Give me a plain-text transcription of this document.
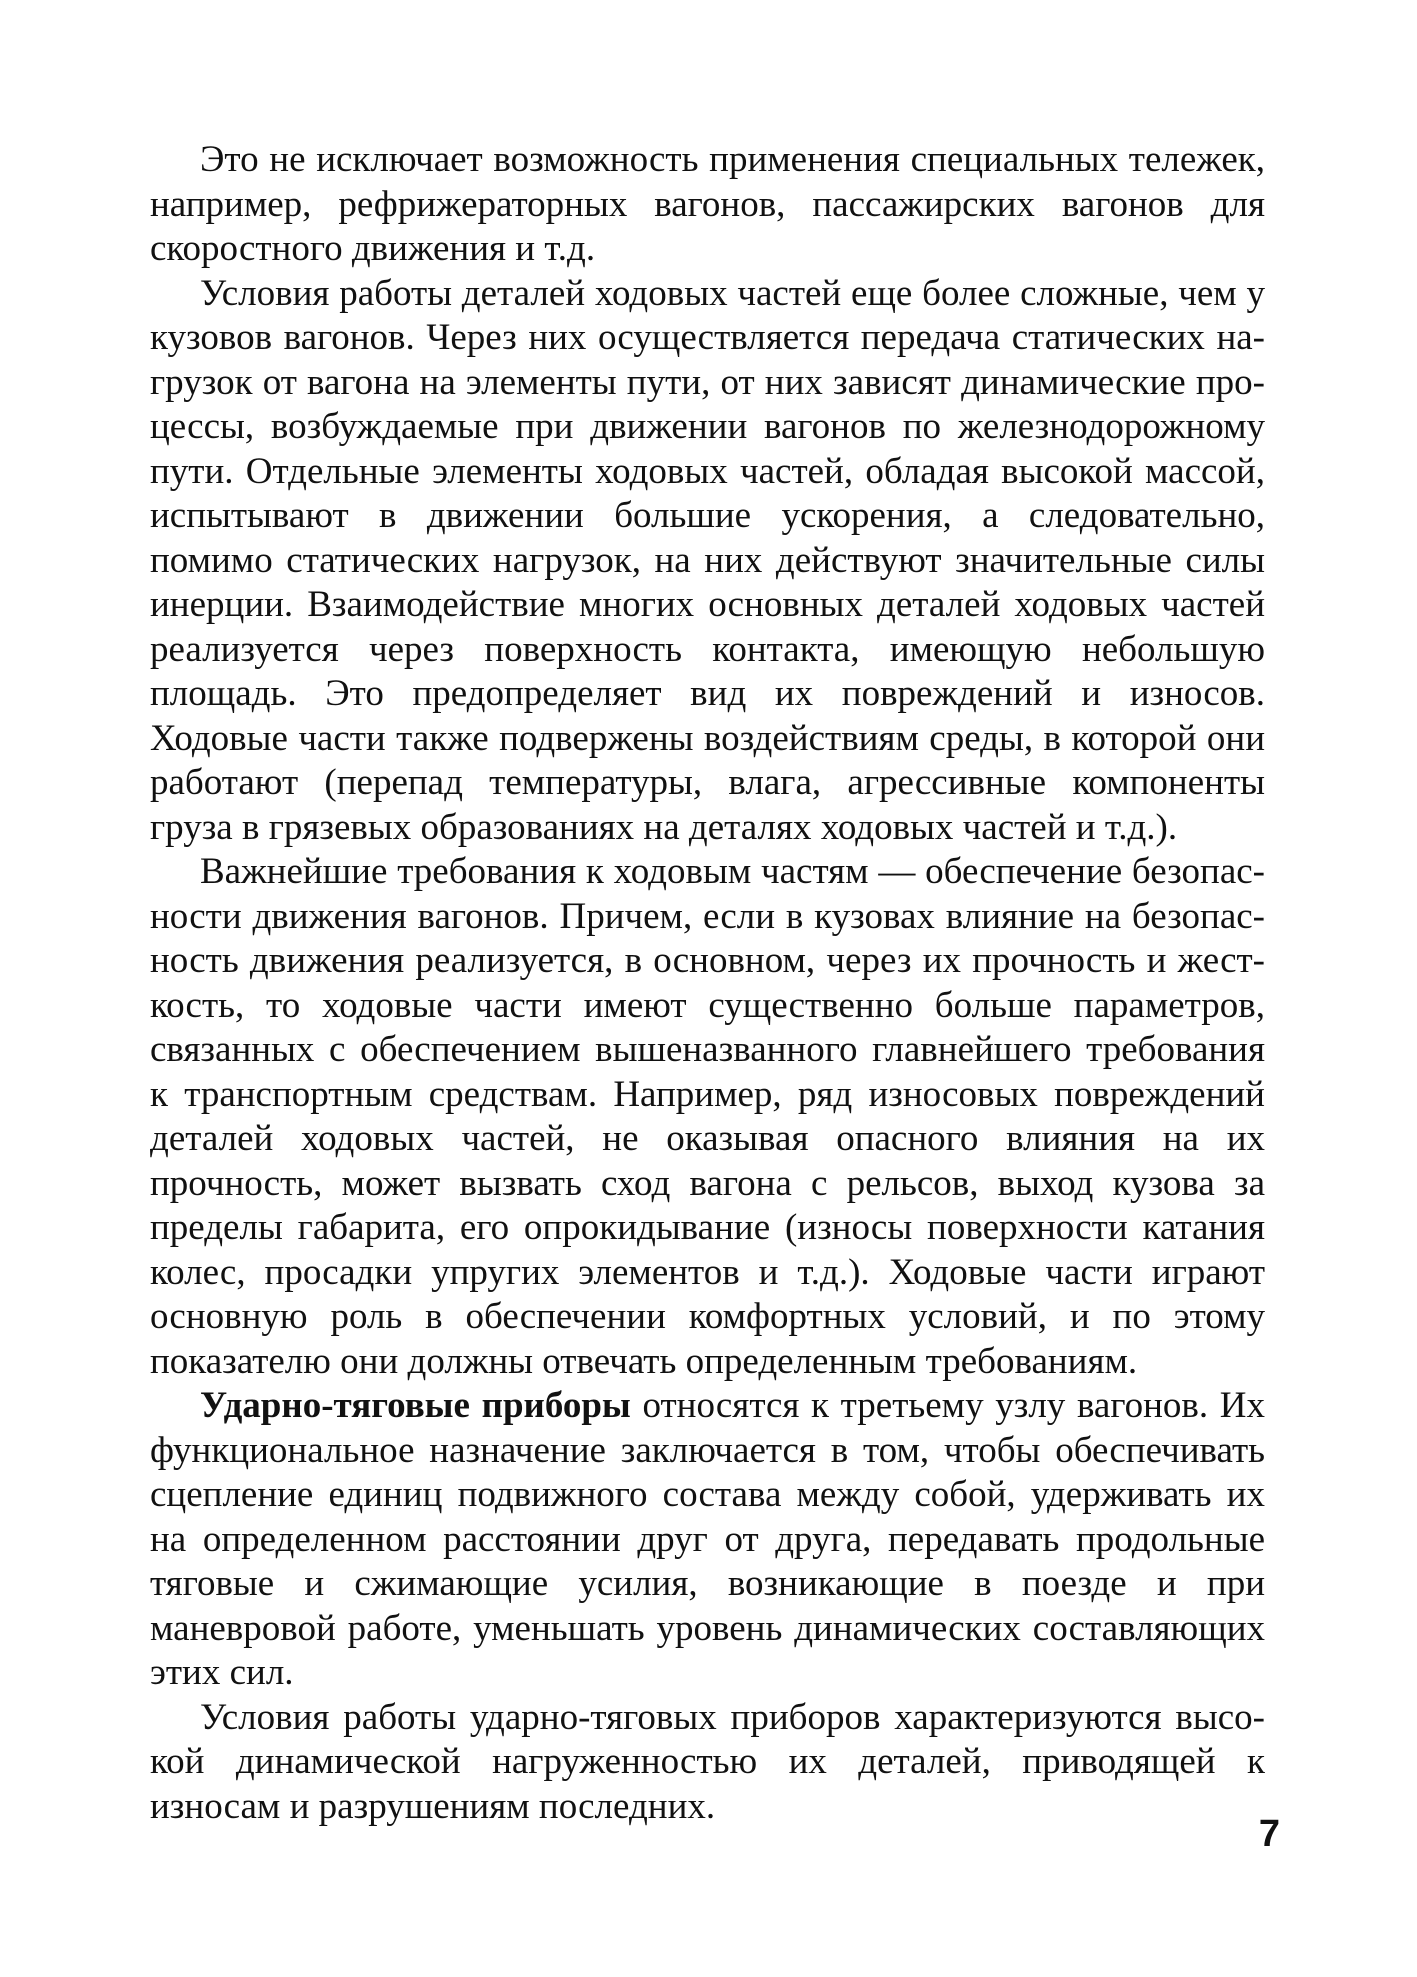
Это не исключает возможность применения специальных тележек, например, рефрижераторных вагонов, пассажирских вагонов для скоростного движения и т.д.

Условия работы деталей ходовых частей еще более сложные, чем у кузовов вагонов. Через них осуществляется передача статических нагрузок от вагона на элементы пути, от них зависят динамические процессы, возбуждаемые при движении вагонов по железнодорожному пути. Отдельные элементы ходовых частей, обладая высокой массой, испытывают в движении большие ускорения, а следовательно, помимо статических нагрузок, на них действуют значительные силы инерции. Взаимодействие многих основных деталей ходовых частей реализуется через поверхность контакта, имеющую небольшую площадь. Это предопределяет вид их повреждений и износов. Ходовые части также подвержены воздействиям среды, в которой они работают (перепад температуры, влага, агрессивные компоненты груза в грязевых образованиях на деталях ходовых частей и т.д.).

Важнейшие требования к ходовым частям — обеспечение безопасности движения вагонов. Причем, если в кузовах влияние на безопасность движения реализуется, в основном, через их прочность и жесткость, то ходовые части имеют существенно больше параметров, связанных с обеспечением вышеназванного главнейшего требования к транспортным средствам. Например, ряд износовых повреждений деталей ходовых частей, не оказывая опасного влияния на их прочность, может вызвать сход вагона с рельсов, выход кузова за пределы габарита, его опрокидывание (износы поверхности катания колес, просадки упругих элементов и т.д.). Ходовые части играют основную роль в обеспечении комфортных условий, и по этому показателю они должны отвечать определенным требованиям.

Ударно-тяговые приборы относятся к третьему узлу вагонов. Их функциональное назначение заключается в том, чтобы обеспечивать сцепление единиц подвижного состава между собой, удерживать их на определенном расстоянии друг от друга, передавать продольные тяговые и сжимающие усилия, возникающие в поезде и при маневровой работе, уменьшать уровень динамических составляющих этих сил.

Условия работы ударно-тяговых приборов характеризуются высокой динамической нагруженностью их деталей, приводящей к износам и разрушениям последних.

7
